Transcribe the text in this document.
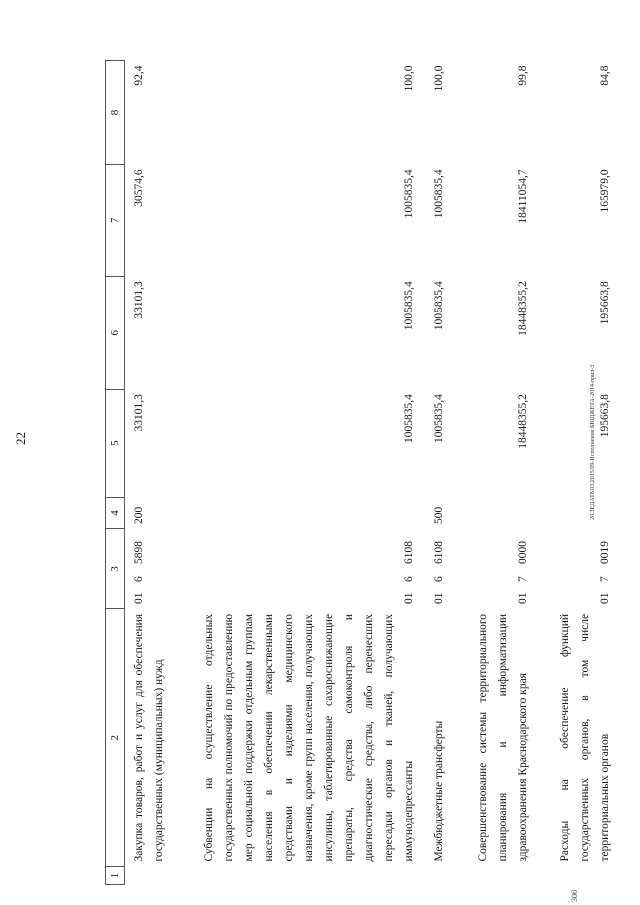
22	20.3ЕДАТ8.03.2015/09-Исполнение БЮДЖЕТА-2014-прил-3
306
1	2	3			4	5	6	7	8
	Закупка товаров, работ и услуг для обеспечения государственных (муниципальных) нужд	01	6	5898	200	33101,3	33101,3	30574,6	92,4
	Субвенции на осуществление отдельных государственных полномочий по предоставлению мер социальной поддержки отдельным группам населения в обеспечении лекарственными средствами и изделиями медицинского назначения, кроме групп населения, получающих инсулины, таблетированные сахароснижающие препараты, средства самоконтроля и диагностические средства, либо перенесших пересадки органов и тканей, получающих иммунодепрессанты	01	6	6108		1005835,4	1005835,4	1005835,4	100,0
	Межбюджетные трансферты	01	6	6108	500	1005835,4	1005835,4	1005835,4	100,0
	Совершенствование системы территориального планирования и информатизации здравоохранения Краснодарского края	01	7	0000		18448355,2	18448355,2	18411054,7	99,8
	Расходы на обеспечение функций государственных органов, в том числе территориальных органов	01	7	0019		195663,8	195663,8	165979,0	84,8
